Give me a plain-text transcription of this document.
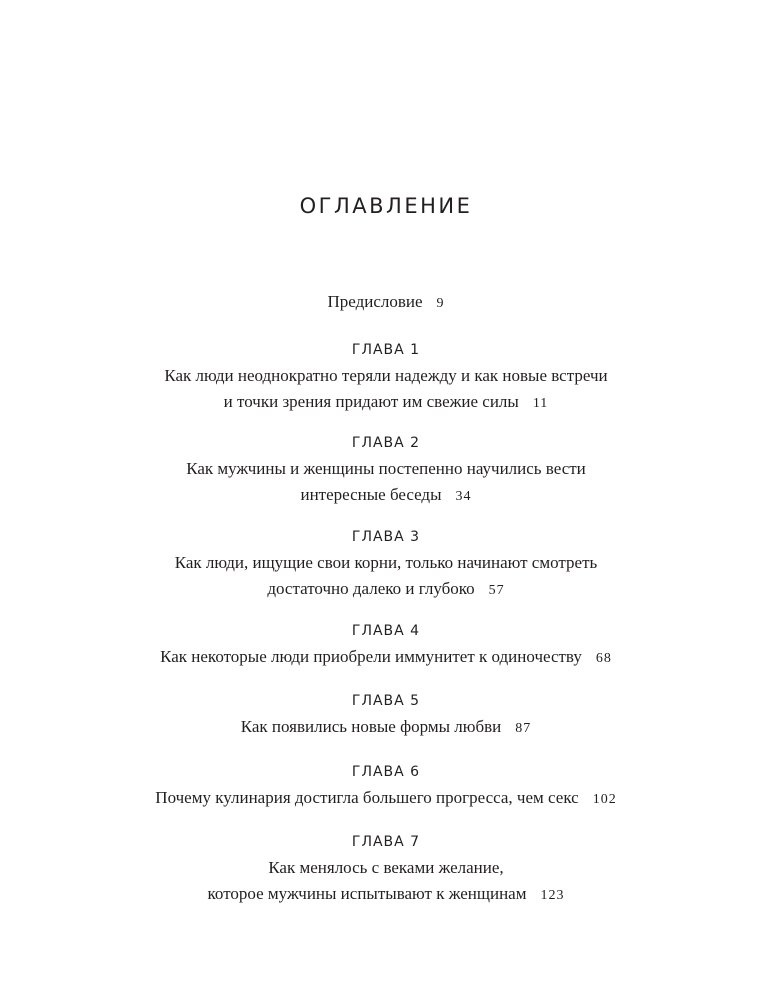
ОГЛАВЛЕНИЕ
Предисловие 9
ГЛАВА 1
Как люди неоднократно теряли надежду и как новые встречи
и точки зрения придают им свежие силы 11
ГЛАВА 2
Как мужчины и женщины постепенно научились вести
интересные беседы 34
ГЛАВА 3
Как люди, ищущие свои корни, только начинают смотреть
достаточно далеко и глубоко 57
ГЛАВА 4
Как некоторые люди приобрели иммунитет к одиночеству 68
ГЛАВА 5
Как появились новые формы любви 87
ГЛАВА 6
Почему кулинария достигла большего прогресса, чем секс 102
ГЛАВА 7
Как менялось с веками желание,
которое мужчины испытывают к женщинам 123
